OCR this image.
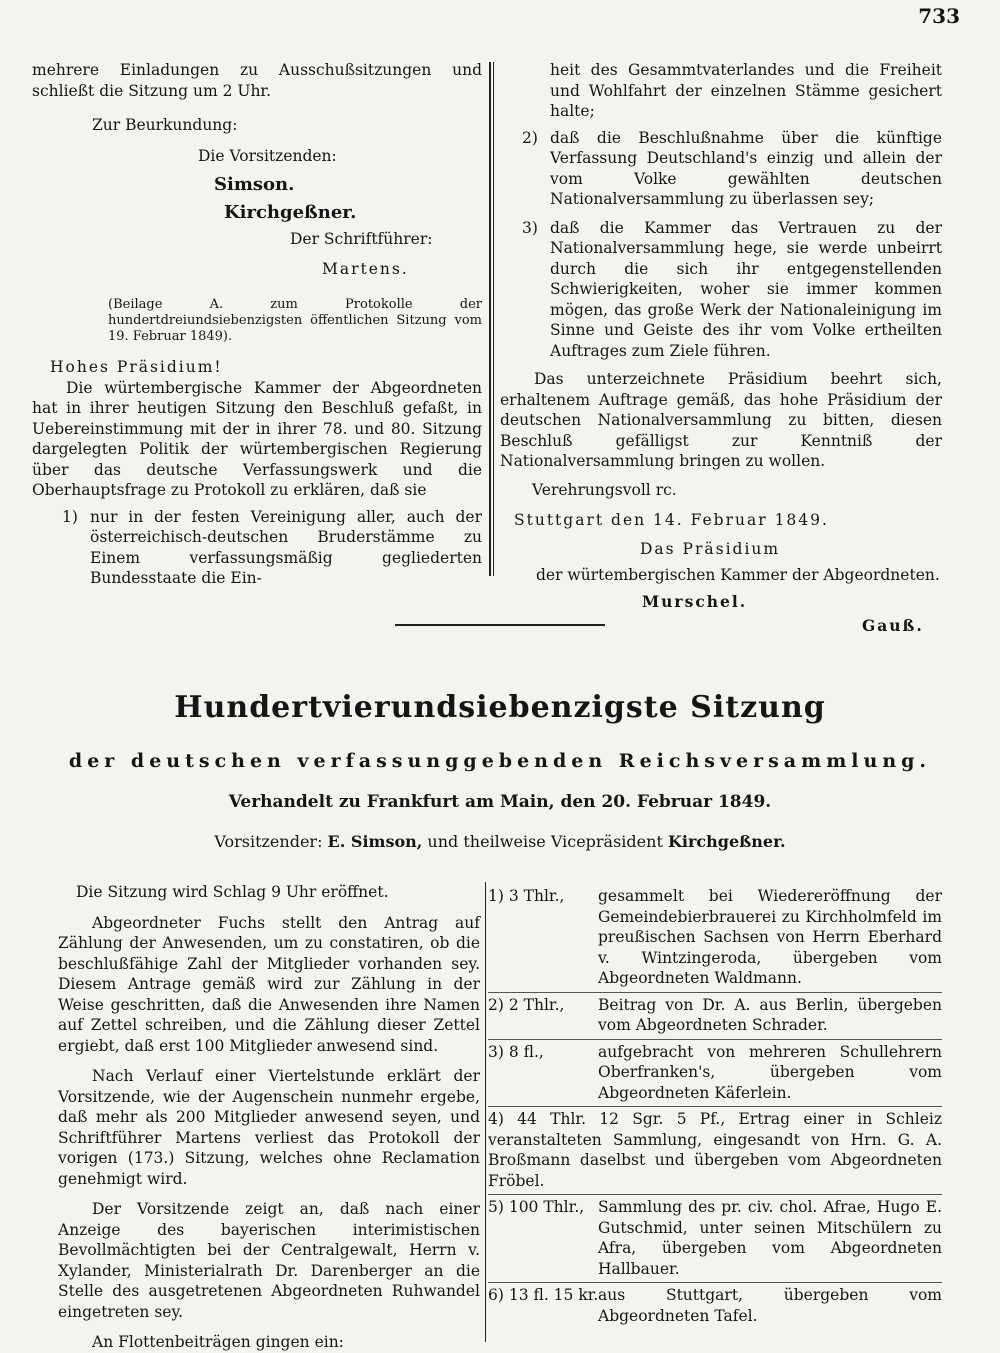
733

mehrere Einladungen zu Ausschußsitzungen und schließt die Sitzung um 2 Uhr.

Zur Beurkundung:

Die Vorsitzenden:

Simson.

Kirchgeßner.

Der Schriftführer:

Martens.

(Beilage A. zum Protokolle der hundertdreiundsiebenzigsten öffentlichen Sitzung vom 19. Februar 1849).

Hohes Präsidium!

Die würtembergische Kammer der Abgeordneten hat in ihrer heutigen Sitzung den Beschluß gefaßt, in Uebereinstimmung mit der in ihrer 78. und 80. Sitzung dargelegten Politik der würtembergischen Regierung über das deutsche Verfassungswerk und die Oberhauptsfrage zu Protokoll zu erklären, daß sie

1) nur in der festen Vereinigung aller, auch der österreichisch-deutschen Bruderstämme zu Einem verfassungsmäßig gegliederten Bundesstaate die Ein-

heit des Gesammtvaterlandes und die Freiheit und Wohlfahrt der einzelnen Stämme gesichert halte;

2) daß die Beschlußnahme über die künftige Verfassung Deutschland's einzig und allein der vom Volke gewählten deutschen Nationalversammlung zu überlassen sey;
3) daß die Kammer das Vertrauen zu der Nationalversammlung hege, sie werde unbeirrt durch die sich ihr entgegenstellenden Schwierigkeiten, woher sie immer kommen mögen, das große Werk der Nationaleinigung im Sinne und Geiste des ihr vom Volke ertheilten Auftrages zum Ziele führen.

Das unterzeichnete Präsidium beehrt sich, erhaltenem Auftrage gemäß, das hohe Präsidium der deutschen Nationalversammlung zu bitten, diesen Beschluß gefälligst zur Kenntniß der Nationalversammlung bringen zu wollen.

Verehrungsvoll rc.

Stuttgart den 14. Februar 1849.

Das Präsidium

der würtembergischen Kammer der Abgeordneten.

Murschel.

Gauß.

Hundertvierundsiebenzigste Sitzung
der deutschen verfassunggebenden Reichsversammlung.
Verhandelt zu Frankfurt am Main, den 20. Februar 1849.
Vorsitzender: E. Simson, und theilweise Vicepräsident Kirchgeßner.

Die Sitzung wird Schlag 9 Uhr eröffnet.

Abgeordneter Fuchs stellt den Antrag auf Zählung der Anwesenden, um zu constatiren, ob die beschlußfähige Zahl der Mitglieder vorhanden sey. Diesem Antrage gemäß wird zur Zählung in der Weise geschritten, daß die Anwesenden ihre Namen auf Zettel schreiben, und die Zählung dieser Zettel ergiebt, daß erst 100 Mitglieder anwesend sind.

Nach Verlauf einer Viertelstunde erklärt der Vorsitzende, wie der Augenschein nunmehr ergebe, daß mehr als 200 Mitglieder anwesend seyen, und Schriftführer Martens verliest das Protokoll der vorigen (173.) Sitzung, welches ohne Reclamation genehmigt wird.

Der Vorsitzende zeigt an, daß nach einer Anzeige des bayerischen interimistischen Bevollmächtigten bei der Centralgewalt, Herrn v. Xylander, Ministerialrath Dr. Darenberger an die Stelle des ausgetretenen Abgeordneten Ruhwandel eingetreten sey.

An Flottenbeiträgen gingen ein:

1) 3 Thlr.,	gesammelt bei Wiedereröffnung der Gemeindebierbrauerei zu Kirchholmfeld im preußischen Sachsen von Herrn Eberhard v. Wintzingeroda, übergeben vom Abgeordneten Waldmann.
2) 2 Thlr.,	Beitrag von Dr. A. aus Berlin, übergeben vom Abgeordneten Schrader.
3) 8 fl.,	aufgebracht von mehreren Schullehrern Oberfranken's, übergeben vom Abgeordneten Käferlein.
4) 44 Thlr. 12 Sgr. 5 Pf., Ertrag einer in Schleiz veranstalteten Sammlung, eingesandt von Hrn. G. A. Broßmann daselbst und übergeben vom Abgeordneten Fröbel.
5) 100 Thlr., Sammlung des pr. civ. chol. Afrae, Hugo E. Gutschmid, unter seinen Mitschülern zu Afra, übergeben vom Abgeordneten Hallbauer.
6) 13 fl. 15 kr. aus Stuttgart, übergeben vom Abgeordneten Tafel.
